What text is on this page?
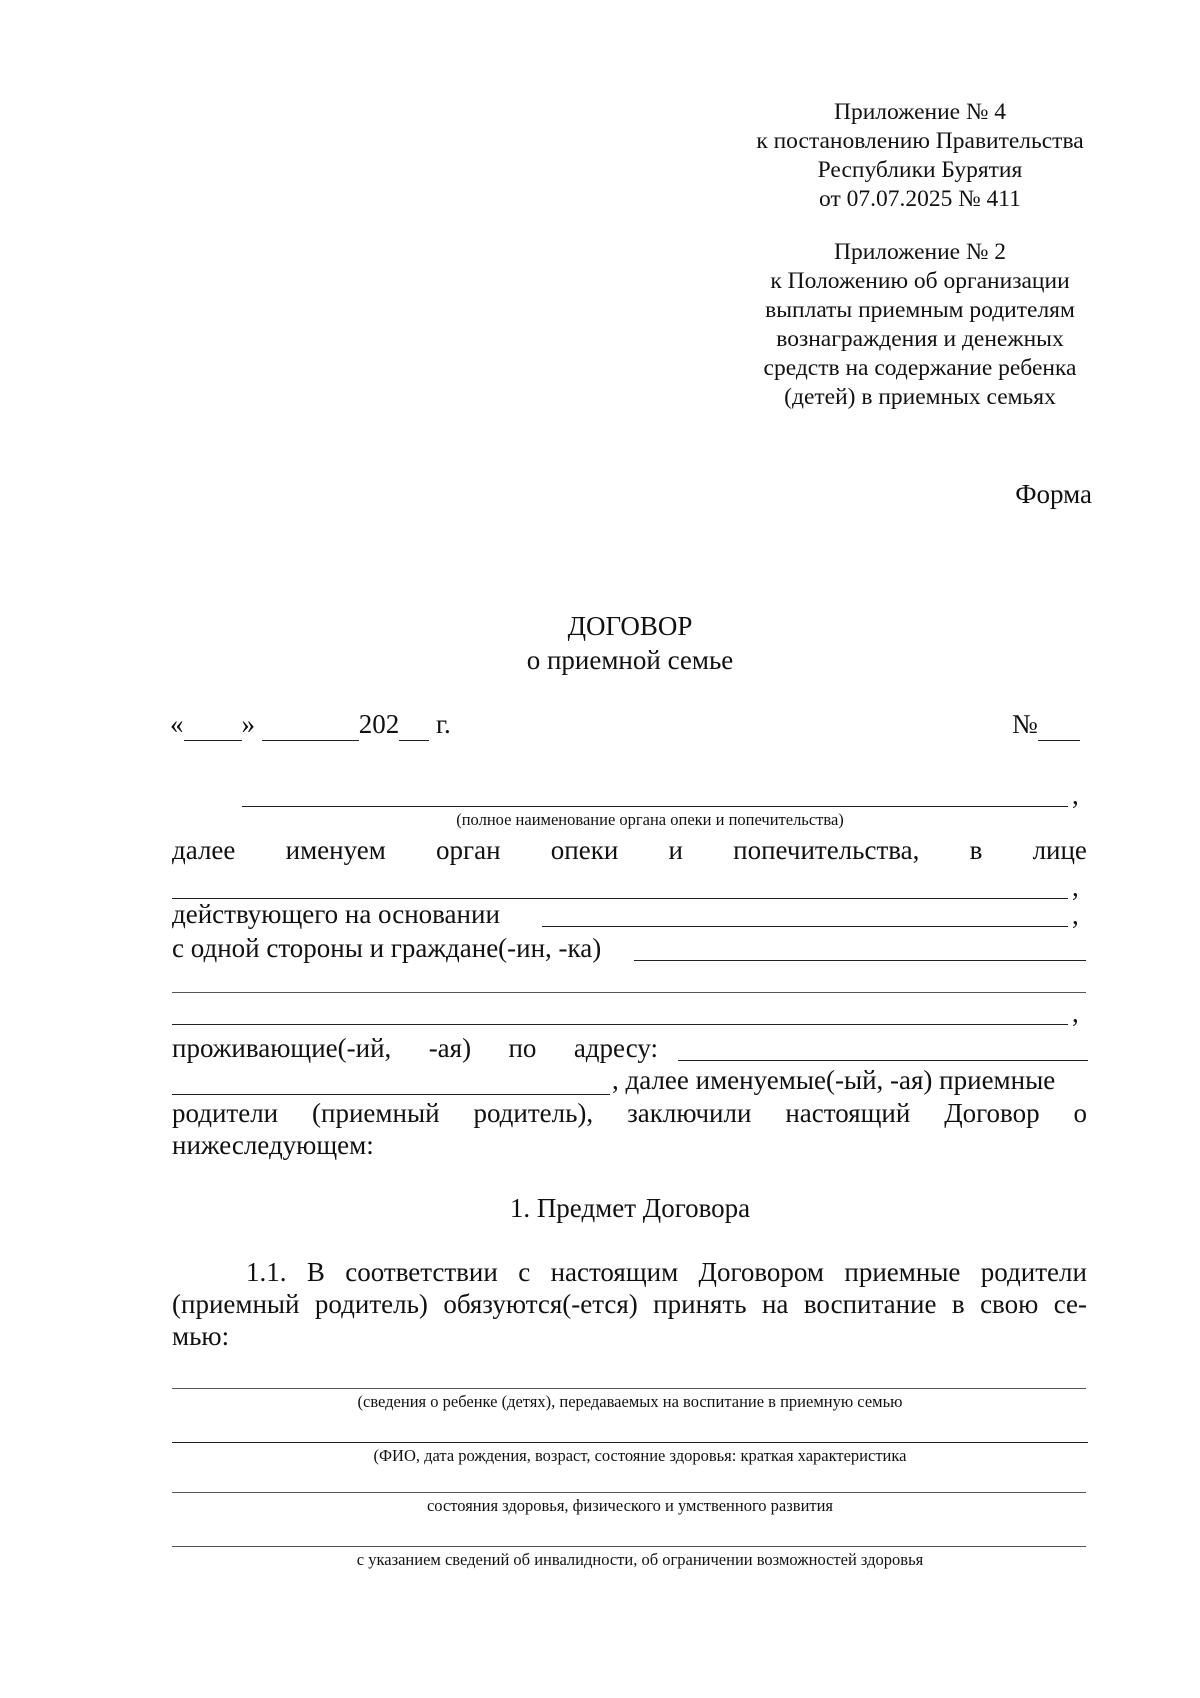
Приложение № 4
к постановлению Правительства
Республики Бурятия
от 07.07.2025 № 411
Приложение № 2
к Положению об организации
выплаты приемным родителям
вознаграждения и денежных
средств на содержание ребенка
(детей) в приемных семьях
Форма
ДОГОВОР
о приемной семье
« »	202 г.	№
,
(полное наименование органа опеки и попечительства)
далее именуем орган опеки и попечительства, в лице
,
действующего на основании	,
с одной стороны и граждане(-ин, -ка)
,
проживающие(-ий, -ая) по адресу:
, далее именуемые(-ый, -ая) приемные
родители (приемный родитель), заключили настоящий Договор о
нижеследующем:
1. Предмет Договора
1.1. В соответствии с настоящим Договором приемные родители
(приемный родитель) обязуются(-ется) принять на воспитание в свою се-
мью:
(сведения о ребенке (детях), передаваемых на воспитание в приемную семью
(ФИО, дата рождения, возраст, состояние здоровья: краткая характеристика
состояния здоровья, физического и умственного развития
с указанием сведений об инвалидности, об ограничении возможностей здоровья
